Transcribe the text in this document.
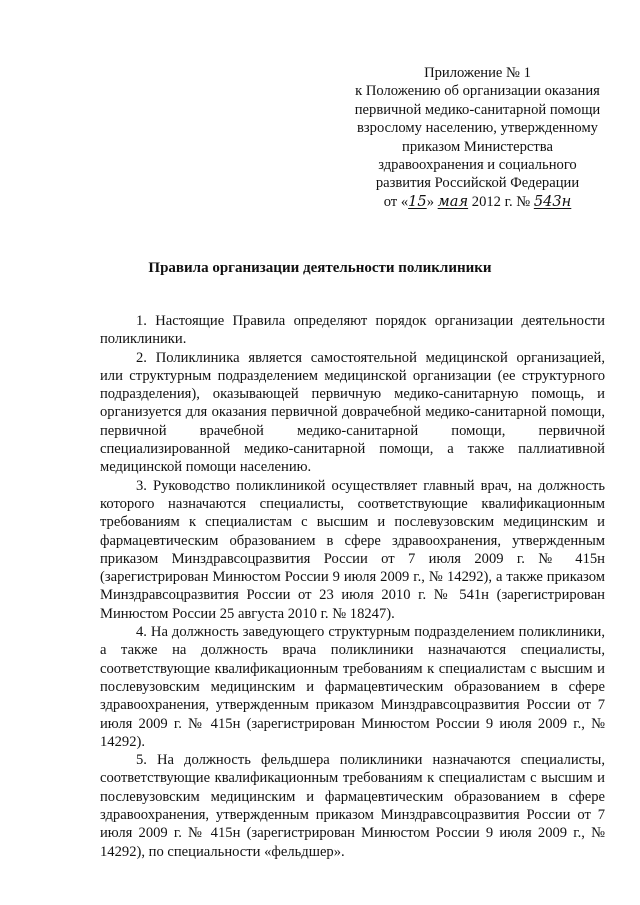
Приложение № 1
к Положению об организации оказания
первичной медико-санитарной помощи
взрослому населению, утвержденному
приказом Министерства
здравоохранения и социального
развития Российской Федерации
от «15» мая 2012 г. № 543н
Правила организации деятельности поликлиники

1. Настоящие Правила определяют порядок организации деятельности поликлиники.

2. Поликлиника является самостоятельной медицинской организацией, или структурным подразделением медицинской организации (ее структурного подразделения), оказывающей первичную медико-санитарную помощь, и организуется для оказания первичной доврачебной медико-санитарной помощи, первичной врачебной медико-санитарной помощи, первичной специализированной медико-санитарной помощи, а также паллиативной медицинской помощи населению.

3. Руководство поликлиникой осуществляет главный врач, на должность которого назначаются специалисты, соответствующие квалификационным требованиям к специалистам с высшим и послевузовским медицинским и фармацевтическим образованием в сфере здравоохранения, утвержденным приказом Минздравсоцразвития России от 7 июля 2009 г. № 415н (зарегистрирован Минюстом России 9 июля 2009 г., № 14292), а также приказом Минздравсоцразвития России от 23 июля 2010 г. № 541н (зарегистрирован Минюстом России 25 августа 2010 г. № 18247).

4. На должность заведующего структурным подразделением поликлиники, а также на должность врача поликлиники назначаются специалисты, соответствующие квалификационным требованиям к специалистам с высшим и послевузовским медицинским и фармацевтическим образованием в сфере здравоохранения, утвержденным приказом Минздравсоцразвития России от 7 июля 2009 г. № 415н (зарегистрирован Минюстом России 9 июля 2009 г., № 14292).

5. На должность фельдшера поликлиники назначаются специалисты, соответствующие квалификационным требованиям к специалистам с высшим и послевузовским медицинским и фармацевтическим образованием в сфере здравоохранения, утвержденным приказом Минздравсоцразвития России от 7 июля 2009 г. № 415н (зарегистрирован Минюстом России 9 июля 2009 г., № 14292), по специальности «фельдшер».
